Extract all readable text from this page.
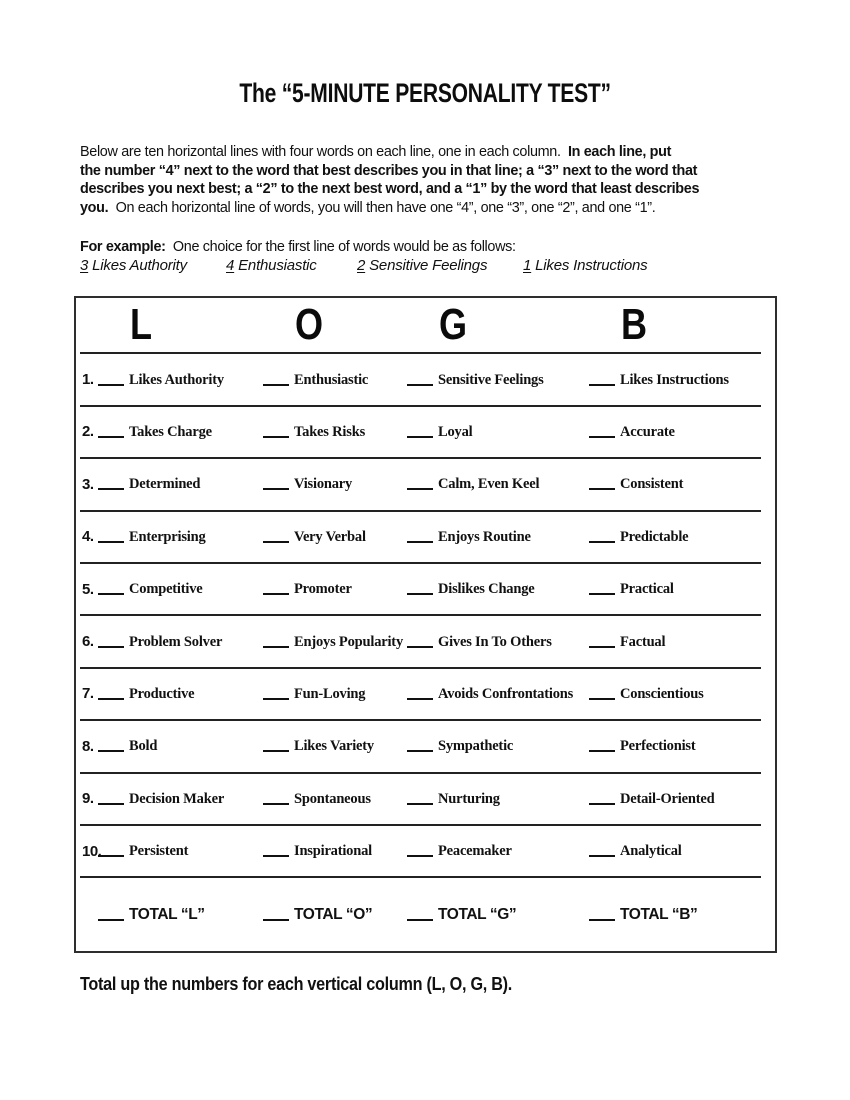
The “5-MINUTE PERSONALITY TEST”
Below are ten horizontal lines with four words on each line, one in each column.  In each line, put
the number “4” next to the word that best describes you in that line; a “3” next to the word that
describes you next best; a “2” to the next best word, and a “1” by the word that least describes
you.  On each horizontal line of words, you will then have one “4”, one “3”, one “2”, and one “1”.
For example:  One choice for the first line of words would be as follows:
3 Likes Authority	4 Enthusiastic	2 Sensitive Feelings 1 Likes Instructions
L	O	G	B
1.	Likes Authority	Enthusiastic	Sensitive Feelings	Likes Instructions
2.	Takes Charge	Takes Risks	Loyal	Accurate
3.	Determined	Visionary	Calm, Even Keel	Consistent
4.	Enterprising	Very Verbal	Enjoys Routine	Predictable
5.	Competitive	Promoter	Dislikes Change	Practical
6.	Problem Solver	Enjoys Popularity	Gives In To Others	Factual
7.	Productive	Fun-Loving	Avoids Confrontations	Conscientious
8.	Bold	Likes Variety	Sympathetic	Perfectionist
9.	Decision Maker	Spontaneous	Nurturing	Detail-Oriented
10.	Persistent	Inspirational	Peacemaker	Analytical
TOTAL “L”	TOTAL “O”	TOTAL “G”	TOTAL “B”
Total up the numbers for each vertical column (L, O, G, B).
